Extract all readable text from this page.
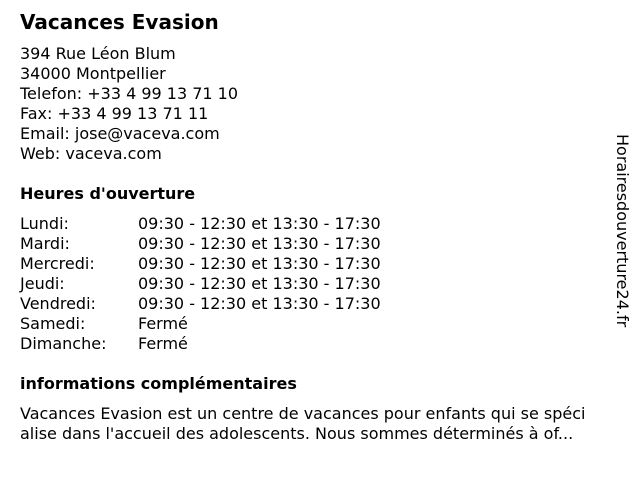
Vacances Evasion
394 Rue Léon Blum
34000 Montpellier
Telefon: +33 4 99 13 71 10
Fax: +33 4 99 13 71 11
Email: jose@vaceva.com
Web: vaceva.com
Heures d'ouverture
Lundi:	09:30 - 12:30 et 13:30 - 17:30
Mardi:	09:30 - 12:30 et 13:30 - 17:30
Mercredi:	09:30 - 12:30 et 13:30 - 17:30
Jeudi:	09:30 - 12:30 et 13:30 - 17:30
Vendredi:	09:30 - 12:30 et 13:30 - 17:30
Samedi:	Fermé
Dimanche:	Fermé
informations complémentaires
Vacances Evasion est un centre de vacances pour enfants qui se spéci
alise dans l'accueil des adolescents. Nous sommes déterminés à of...
Horairesdouverture24.fr
